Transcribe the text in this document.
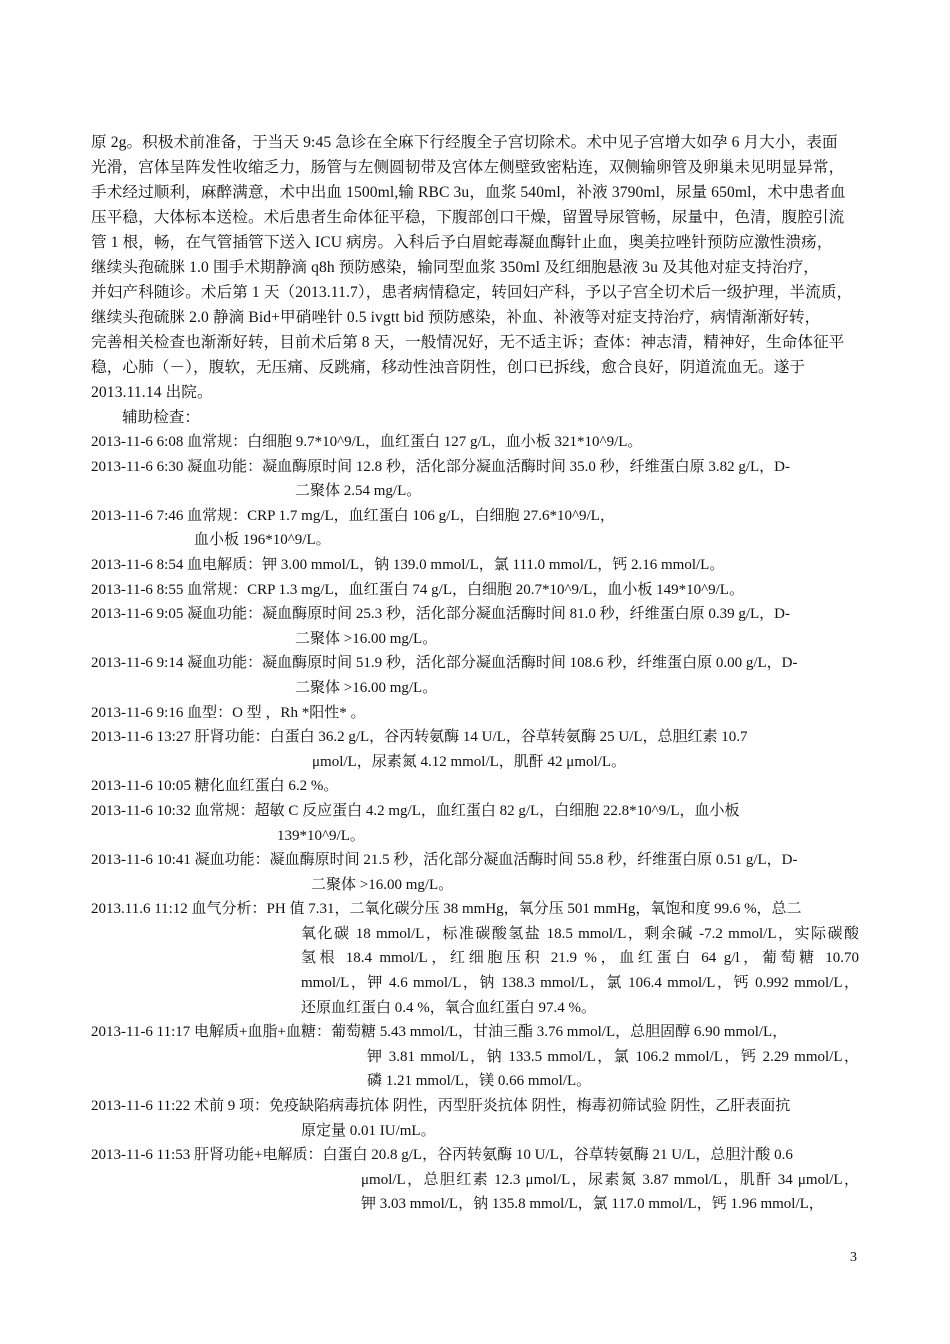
原 2g。积极术前准备，于当天 9:45 急诊在全麻下行经腹全子宫切除术。术中见子宫增大如孕 6 月大小，表面
光滑，宫体呈阵发性收缩乏力，肠管与左侧圆韧带及宫体左侧壁致密粘连，双侧输卵管及卵巢未见明显异常，
手术经过顺利，麻醉满意，术中出血 1500ml,输 RBC 3u，血浆 540ml，补液 3790ml，尿量 650ml，术中患者血
压平稳，大体标本送检。术后患者生命体征平稳，下腹部创口干燥，留置导尿管畅，尿量中，色清，腹腔引流
管 1 根，畅，在气管插管下送入 ICU 病房。入科后予白眉蛇毒凝血酶针止血，奥美拉唑针预防应激性溃疡，
继续头孢硫脒 1.0 围手术期静滴 q8h 预防感染，输同型血浆 350ml 及红细胞悬液 3u 及其他对症支持治疗，
并妇产科随诊。术后第 1 天（2013.11.7），患者病情稳定，转回妇产科，予以子宫全切术后一级护理，半流质，
继续头孢硫脒 2.0 静滴 Bid+甲硝唑针 0.5 ivgtt bid 预防感染，补血、补液等对症支持治疗，病情渐渐好转，
完善相关检查也渐渐好转，目前术后第 8 天，一般情况好，无不适主诉；查体：神志清，精神好，生命体征平
稳，心肺（－），腹软，无压痛、反跳痛，移动性浊音阴性，创口已拆线，愈合良好，阴道流血无。遂于
2013.11.14 出院。
辅助检查：
2013-11-6 6:08 血常规：白细胞 9.7*10^9/L，血红蛋白 127 g/L，血小板 321*10^9/L。
2013-11-6 6:30 凝血功能：凝血酶原时间 12.8 秒，活化部分凝血活酶时间 35.0 秒，纤维蛋白原 3.82 g/L，D-
二聚体 2.54 mg/L。
2013-11-6 7:46 血常规：CRP 1.7 mg/L，血红蛋白 106 g/L，白细胞 27.6*10^9/L，
血小板 196*10^9/L。
2013-11-6 8:54 血电解质：钾 3.00 mmol/L，钠 139.0 mmol/L，氯 111.0 mmol/L，钙 2.16 mmol/L。
2013-11-6 8:55 血常规：CRP 1.3 mg/L，血红蛋白 74 g/L，白细胞 20.7*10^9/L，血小板 149*10^9/L。
2013-11-6 9:05 凝血功能：凝血酶原时间 25.3 秒，活化部分凝血活酶时间 81.0 秒，纤维蛋白原 0.39 g/L，D-
二聚体 >16.00 mg/L。
2013-11-6 9:14 凝血功能：凝血酶原时间 51.9 秒，活化部分凝血活酶时间 108.6 秒，纤维蛋白原 0.00 g/L，D-
二聚体 >16.00 mg/L。
2013-11-6 9:16 血型：O 型 ，Rh *阳性* 。
2013-11-6 13:27 肝肾功能：白蛋白 36.2 g/L，谷丙转氨酶 14 U/L，谷草转氨酶 25 U/L，总胆红素 10.7
μmol/L，尿素氮 4.12 mmol/L，肌酐 42 μmol/L。
2013-11-6 10:05 糖化血红蛋白 6.2 %。
2013-11-6 10:32 血常规：超敏 C 反应蛋白 4.2 mg/L，血红蛋白 82 g/L，白细胞 22.8*10^9/L，血小板
139*10^9/L。
2013-11-6 10:41 凝血功能：凝血酶原时间 21.5 秒，活化部分凝血活酶时间 55.8 秒，纤维蛋白原 0.51 g/L，D-
二聚体 >16.00 mg/L。
2013.11.6 11:12 血气分析：PH 值 7.31，二氧化碳分压 38 mmHg，氧分压 501 mmHg，氧饱和度 99.6 %，总二
氧化碳 18 mmol/L，标准碳酸氢盐 18.5 mmol/L，剩余碱 -7.2 mmol/L，实际碳酸
氢根 18.4 mmol/L，红细胞压积 21.9 %，血红蛋白 64 g/l，葡萄糖 10.70
mmol/L，钾 4.6 mmol/L，钠 138.3 mmol/L，氯 106.4 mmol/L，钙 0.992 mmol/L，
还原血红蛋白 0.4 %，氧合血红蛋白 97.4 %。
2013-11-6 11:17 电解质+血脂+血糖：葡萄糖 5.43 mmol/L，甘油三酯 3.76 mmol/L，总胆固醇 6.90 mmol/L，
钾 3.81 mmol/L，钠 133.5 mmol/L，氯 106.2 mmol/L，钙 2.29 mmol/L，
磷 1.21 mmol/L，镁 0.66 mmol/L。
2013-11-6 11:22 术前 9 项：免疫缺陷病毒抗体 阴性，丙型肝炎抗体 阴性，梅毒初筛试验 阴性，乙肝表面抗
原定量 0.01 IU/mL。
2013-11-6 11:53 肝肾功能+电解质：白蛋白 20.8 g/L，谷丙转氨酶 10 U/L，谷草转氨酶 21 U/L，总胆汁酸 0.6
μmol/L，总胆红素 12.3 μmol/L，尿素氮 3.87 mmol/L，肌酐 34 μmol/L，
钾 3.03 mmol/L，钠 135.8 mmol/L，氯 117.0 mmol/L，钙 1.96 mmol/L，
3
